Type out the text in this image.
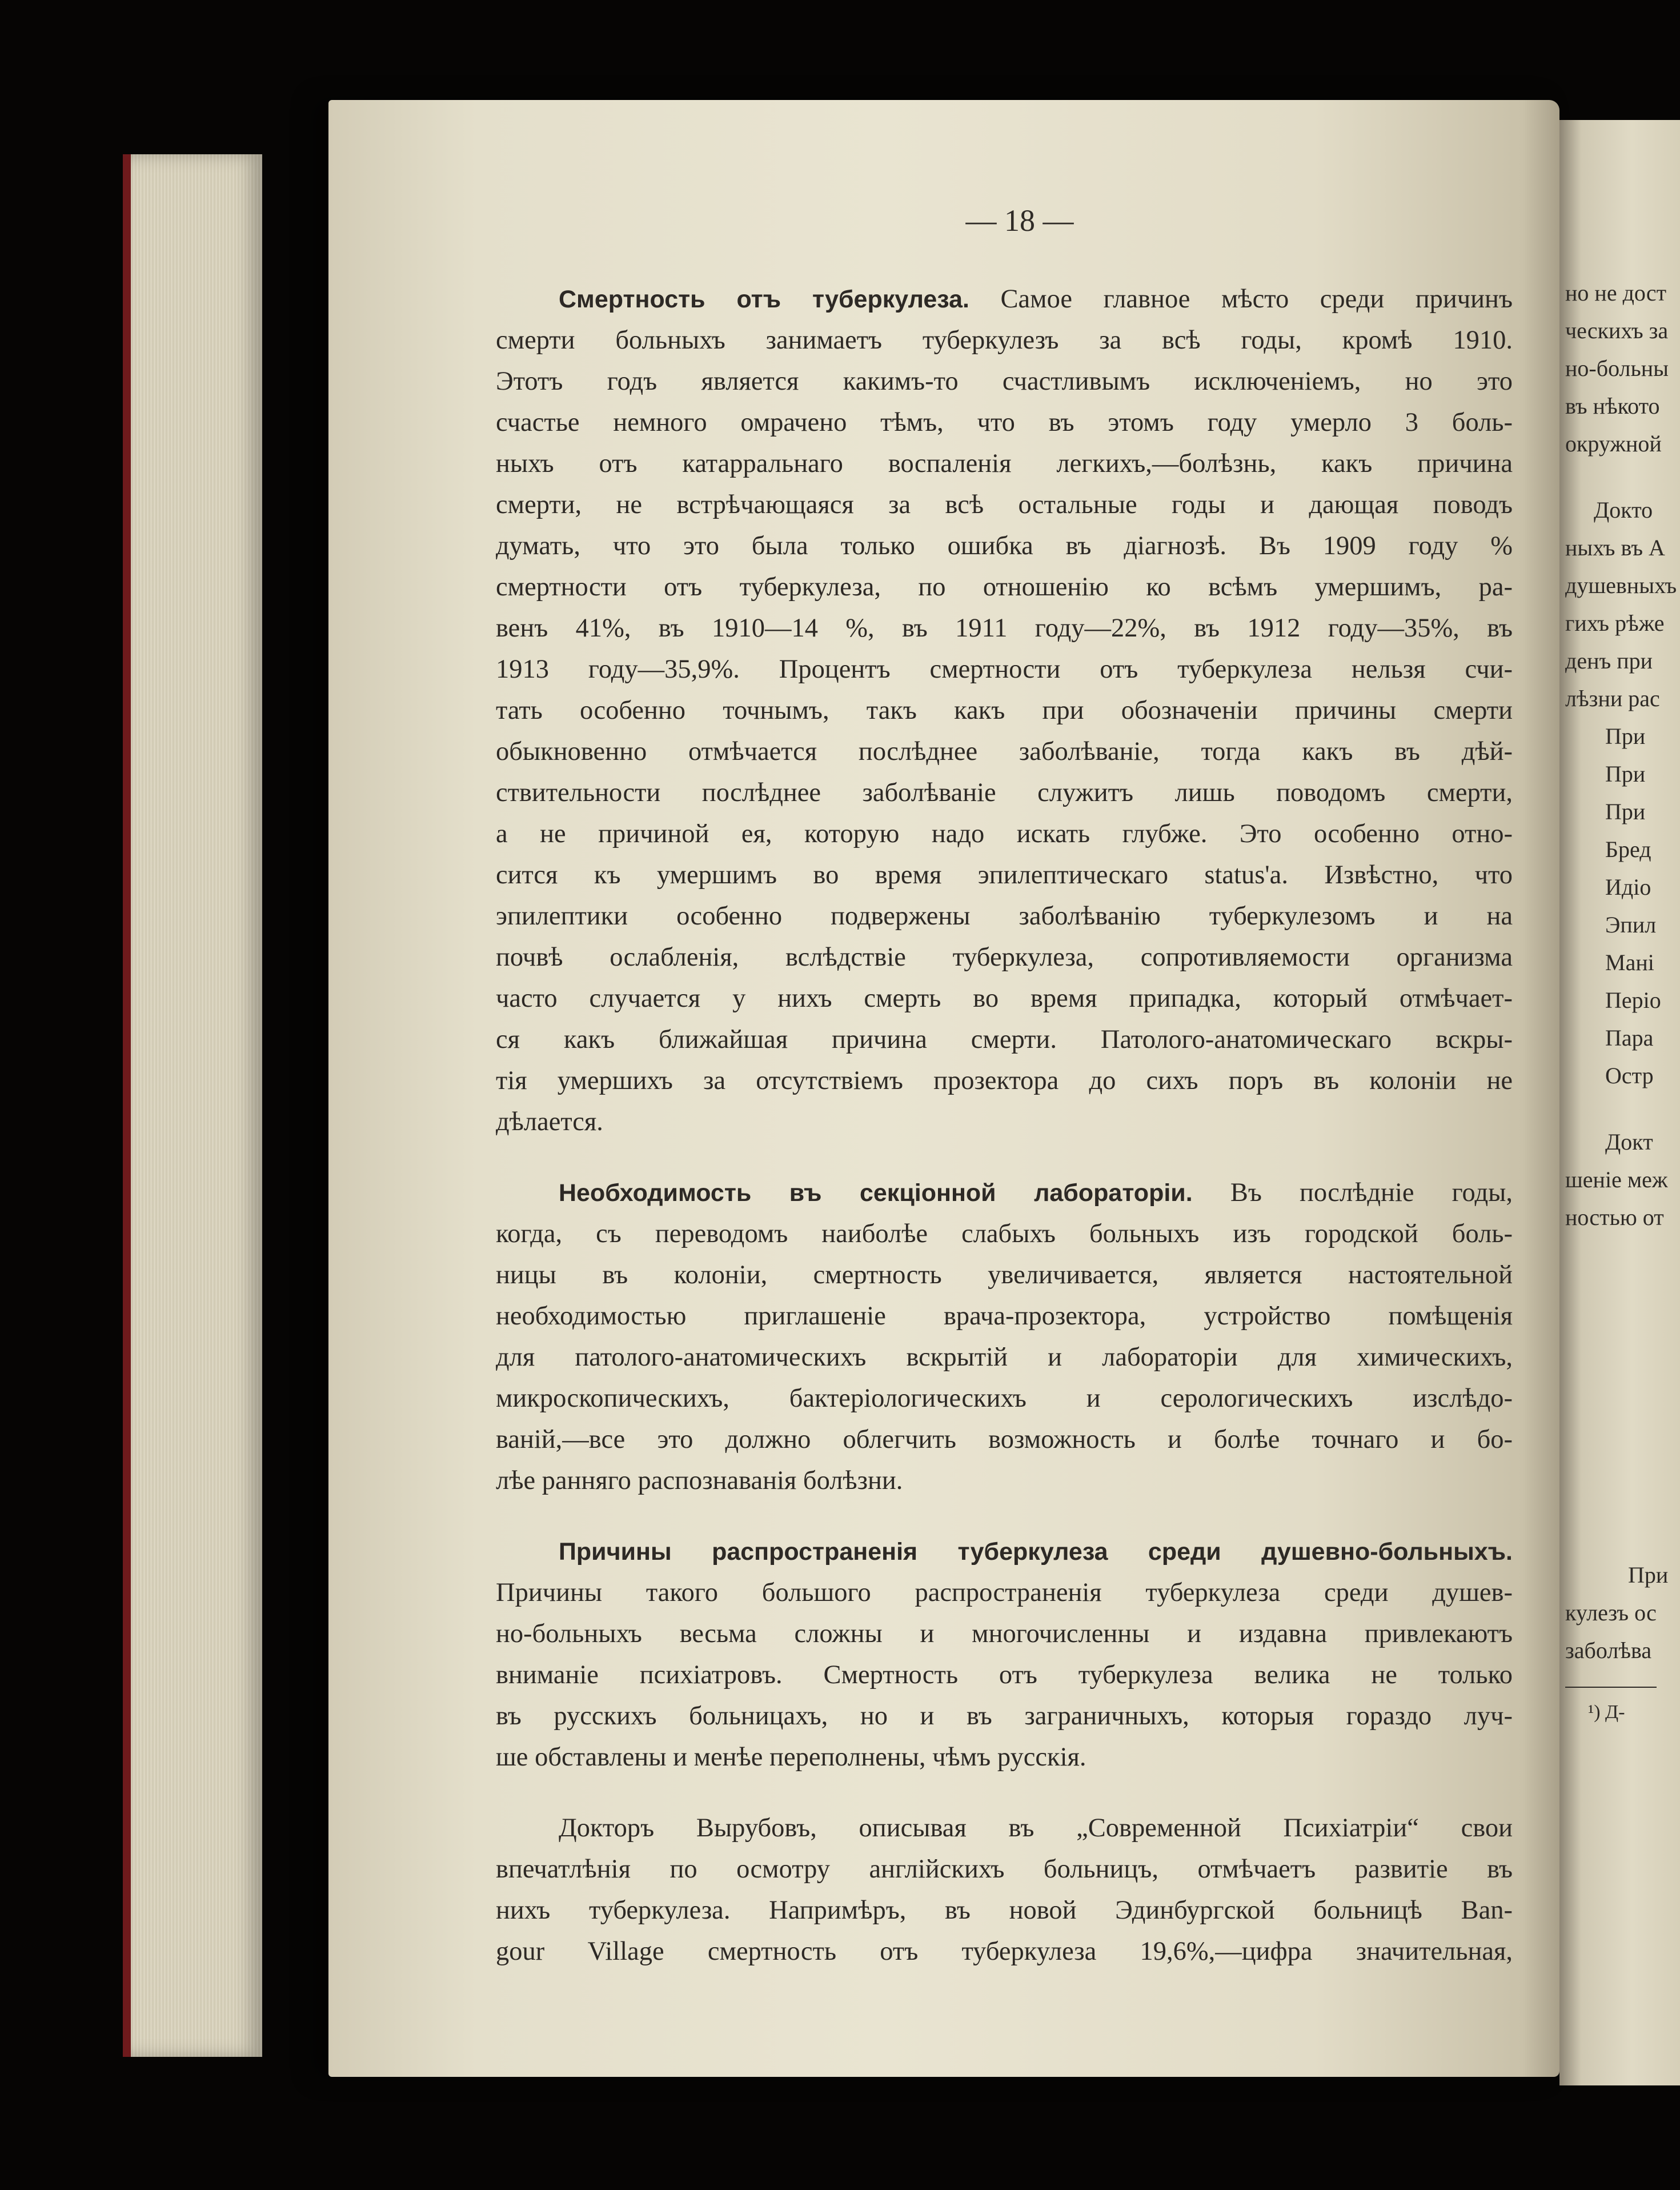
— 18 —
Смертность отъ туберкулеза. Самое главное мѣсто среди причинъ
смерти больныхъ занимаетъ туберкулезъ за всѣ годы, кромѣ 1910.
Этотъ годъ является какимъ-то счастливымъ исключеніемъ, но это
счастье немного омрачено тѣмъ, что въ этомъ году умерло 3 боль-
ныхъ отъ катарральнаго воспаленія легкихъ,—болѣзнь, какъ причина
смерти, не встрѣчающаяся за всѣ остальные годы и дающая поводъ
думать, что это была только ошибка въ діагнозѣ. Въ 1909 году %
смертности отъ туберкулеза, по отношенію ко всѣмъ умершимъ, ра-
венъ 41%, въ 1910—14 %, въ 1911 году—22%, въ 1912 году—35%, въ
1913 году—35,9%. Процентъ смертности отъ туберкулеза нельзя счи-
тать особенно точнымъ, такъ какъ при обозначеніи причины смерти
обыкновенно отмѣчается послѣднее заболѣваніе, тогда какъ въ дѣй-
ствительности послѣднее заболѣваніе служитъ лишь поводомъ смерти,
а не причиной ея, которую надо искать глубже. Это особенно отно-
сится къ умершимъ во время эпилептическаго status'a. Извѣстно, что
эпилептики особенно подвержены заболѣванію туберкулезомъ и на
почвѣ ослабленія, вслѣдствіе туберкулеза, сопротивляемости организма
часто случается у нихъ смерть во время припадка, который отмѣчает-
ся какъ ближайшая причина смерти. Патолого-анатомическаго вскры-
тія умершихъ за отсутствіемъ прозектора до сихъ поръ въ колоніи не
дѣлается.
Необходимость въ секціонной лабораторіи. Въ послѣдніе годы,
когда, съ переводомъ наиболѣе слабыхъ больныхъ изъ городской боль-
ницы въ колоніи, смертность увеличивается, является настоятельной
необходимостью приглашеніе врача-прозектора, устройство помѣщенія
для патолого-анатомическихъ вскрытій и лабораторіи для химическихъ,
микроскопическихъ, бактеріологическихъ и серологическихъ изслѣдо-
ваній,—все это должно облегчить возможность и болѣе точнаго и бо-
лѣе ранняго распознаванія болѣзни.
Причины распространенія туберкулеза среди душевно-больныхъ.
Причины такого большого распространенія туберкулеза среди душев-
но-больныхъ весьма сложны и многочисленны и издавна привлекаютъ
вниманіе психіатровъ. Смертность отъ туберкулеза велика не только
въ русскихъ больницахъ, но и въ заграничныхъ, которыя гораздо луч-
ше обставлены и менѣе переполнены, чѣмъ русскія.
Докторъ Вырубовъ, описывая въ „Современной Психіатріи“ свои
впечатлѣнія по осмотру англійскихъ больницъ, отмѣчаетъ развитіе въ
нихъ туберкулеза. Напримѣръ, въ новой Эдинбургской больницѣ Ban-
gour Village смертность отъ туберкулеза 19,6%,—цифра значительная,
но не дост
ческихъ за
но-больны
въ нѣкото
окружной
Докто
ныхъ въ А
душевныхъ
гихъ рѣже
денъ при
лѣзни рас
При
При
При
Бред
Идіо
Эпил
Мані
Періо
Пара
Остр
Докт
шеніе меж
ностью от
При
кулезъ ос
заболѣва
¹) Д-
